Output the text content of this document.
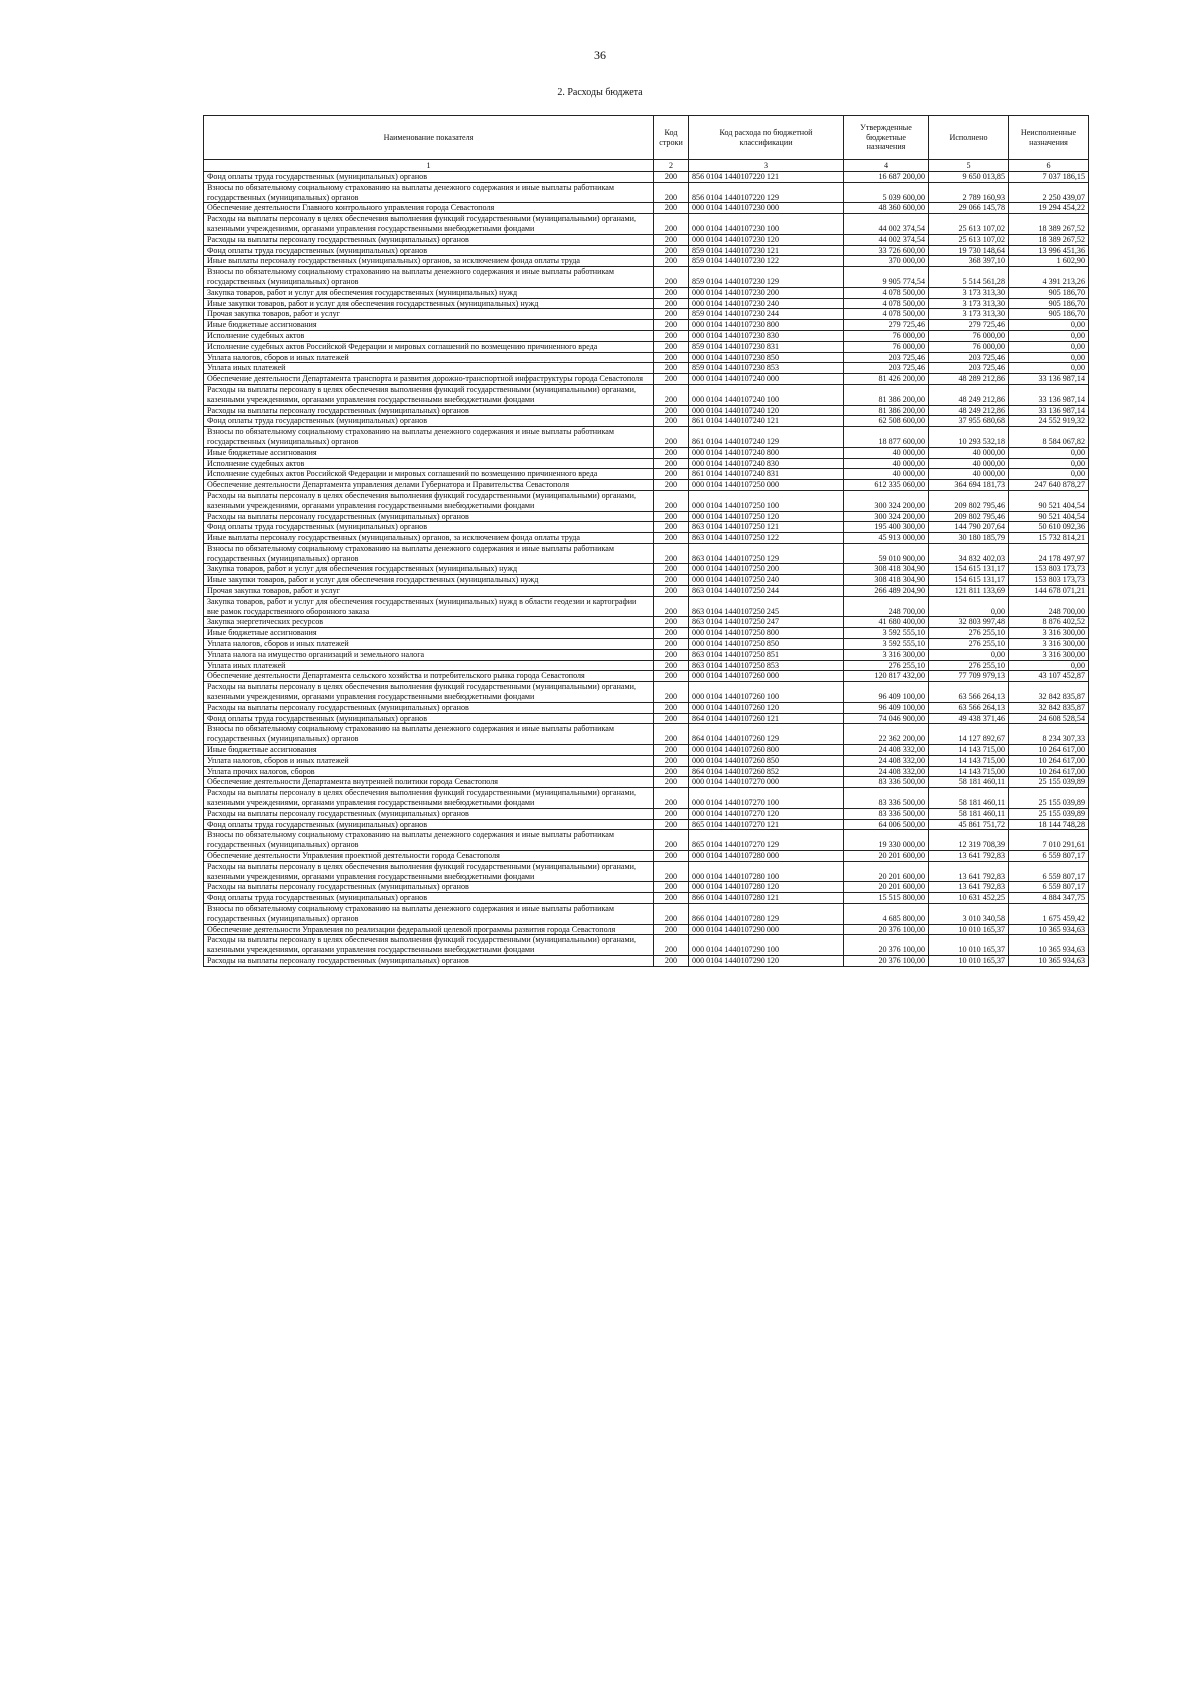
36
2. Расходы бюджета
Наименование показателя	Код строки	Код расхода по бюджетной классификации	Утвержденные бюджетные назначения	Исполнено	Неисполненные назначения
1	2	3	4	5	6
Фонд оплаты труда государственных (муниципальных) органов	200	856 0104 1440107220 121	16 687 200,00	9 650 013,85	7 037 186,15
Взносы по обязательному социальному страхованию на выплаты денежного содержания и иные выплаты работникам государственных (муниципальных) органов	200	856 0104 1440107220 129	5 039 600,00	2 789 160,93	2 250 439,07
Обеспечение деятельности Главного контрольного управления города Севастополя	200	000 0104 1440107230 000	48 360 600,00	29 066 145,78	19 294 454,22
Расходы на выплаты персоналу в целях обеспечения выполнения функций государственными (муниципальными) органами, казенными учреждениями, органами управления государственными внебюджетными фондами	200	000 0104 1440107230 100	44 002 374,54	25 613 107,02	18 389 267,52
Расходы на выплаты персоналу государственных (муниципальных) органов	200	000 0104 1440107230 120	44 002 374,54	25 613 107,02	18 389 267,52
Фонд оплаты труда государственных (муниципальных) органов	200	859 0104 1440107230 121	33 726 600,00	19 730 148,64	13 996 451,36
Иные выплаты персоналу государственных (муниципальных) органов, за исключением фонда оплаты труда	200	859 0104 1440107230 122	370 000,00	368 397,10	1 602,90
Взносы по обязательному социальному страхованию на выплаты денежного содержания и иные выплаты работникам государственных (муниципальных) органов	200	859 0104 1440107230 129	9 905 774,54	5 514 561,28	4 391 213,26
Закупка товаров, работ и услуг для обеспечения государственных (муниципальных) нужд	200	000 0104 1440107230 200	4 078 500,00	3 173 313,30	905 186,70
Иные закупки товаров, работ и услуг для обеспечения государственных (муниципальных) нужд	200	000 0104 1440107230 240	4 078 500,00	3 173 313,30	905 186,70
Прочая закупка товаров, работ и услуг	200	859 0104 1440107230 244	4 078 500,00	3 173 313,30	905 186,70
Иные бюджетные ассигнования	200	000 0104 1440107230 800	279 725,46	279 725,46	0,00
Исполнение судебных актов	200	000 0104 1440107230 830	76 000,00	76 000,00	0,00
Исполнение судебных актов Российской Федерации и мировых соглашений по возмещению причиненного вреда	200	859 0104 1440107230 831	76 000,00	76 000,00	0,00
Уплата налогов, сборов и иных платежей	200	000 0104 1440107230 850	203 725,46	203 725,46	0,00
Уплата иных платежей	200	859 0104 1440107230 853	203 725,46	203 725,46	0,00
Обеспечение деятельности Департамента транспорта и развития дорожно-транспортной инфраструктуры города Севастополя	200	000 0104 1440107240 000	81 426 200,00	48 289 212,86	33 136 987,14
Расходы на выплаты персоналу в целях обеспечения выполнения функций государственными (муниципальными) органами, казенными учреждениями, органами управления государственными внебюджетными фондами	200	000 0104 1440107240 100	81 386 200,00	48 249 212,86	33 136 987,14
Расходы на выплаты персоналу государственных (муниципальных) органов	200	000 0104 1440107240 120	81 386 200,00	48 249 212,86	33 136 987,14
Фонд оплаты труда государственных (муниципальных) органов	200	861 0104 1440107240 121	62 508 600,00	37 955 680,68	24 552 919,32
Взносы по обязательному социальному страхованию на выплаты денежного содержания и иные выплаты работникам государственных (муниципальных) органов	200	861 0104 1440107240 129	18 877 600,00	10 293 532,18	8 584 067,82
Иные бюджетные ассигнования	200	000 0104 1440107240 800	40 000,00	40 000,00	0,00
Исполнение судебных актов	200	000 0104 1440107240 830	40 000,00	40 000,00	0,00
Исполнение судебных актов Российской Федерации и мировых соглашений по возмещению причиненного вреда	200	861 0104 1440107240 831	40 000,00	40 000,00	0,00
Обеспечение деятельности Департамента управления делами Губернатора и Правительства Севастополя	200	000 0104 1440107250 000	612 335 060,00	364 694 181,73	247 640 878,27
Расходы на выплаты персоналу в целях обеспечения выполнения функций государственными (муниципальными) органами, казенными учреждениями, органами управления государственными внебюджетными фондами	200	000 0104 1440107250 100	300 324 200,00	209 802 795,46	90 521 404,54
Расходы на выплаты персоналу государственных (муниципальных) органов	200	000 0104 1440107250 120	300 324 200,00	209 802 795,46	90 521 404,54
Фонд оплаты труда государственных (муниципальных) органов	200	863 0104 1440107250 121	195 400 300,00	144 790 207,64	50 610 092,36
Иные выплаты персоналу государственных (муниципальных) органов, за исключением фонда оплаты труда	200	863 0104 1440107250 122	45 913 000,00	30 180 185,79	15 732 814,21
Взносы по обязательному социальному страхованию на выплаты денежного содержания и иные выплаты работникам государственных (муниципальных) органов	200	863 0104 1440107250 129	59 010 900,00	34 832 402,03	24 178 497,97
Закупка товаров, работ и услуг для обеспечения государственных (муниципальных) нужд	200	000 0104 1440107250 200	308 418 304,90	154 615 131,17	153 803 173,73
Иные закупки товаров, работ и услуг для обеспечения государственных (муниципальных) нужд	200	000 0104 1440107250 240	308 418 304,90	154 615 131,17	153 803 173,73
Прочая закупка товаров, работ и услуг	200	863 0104 1440107250 244	266 489 204,90	121 811 133,69	144 678 071,21
Закупка товаров, работ и услуг для обеспечения государственных (муниципальных) нужд в области геодезии и картографии вне рамок государственного оборонного заказа	200	863 0104 1440107250 245	248 700,00	0,00	248 700,00
Закупка энергетических ресурсов	200	863 0104 1440107250 247	41 680 400,00	32 803 997,48	8 876 402,52
Иные бюджетные ассигнования	200	000 0104 1440107250 800	3 592 555,10	276 255,10	3 316 300,00
Уплата налогов, сборов и иных платежей	200	000 0104 1440107250 850	3 592 555,10	276 255,10	3 316 300,00
Уплата налога на имущество организаций и земельного налога	200	863 0104 1440107250 851	3 316 300,00	0,00	3 316 300,00
Уплата иных платежей	200	863 0104 1440107250 853	276 255,10	276 255,10	0,00
Обеспечение деятельности Департамента сельского хозяйства и потребительского рынка города Севастополя	200	000 0104 1440107260 000	120 817 432,00	77 709 979,13	43 107 452,87
Расходы на выплаты персоналу в целях обеспечения выполнения функций государственными (муниципальными) органами, казенными учреждениями, органами управления государственными внебюджетными фондами	200	000 0104 1440107260 100	96 409 100,00	63 566 264,13	32 842 835,87
Расходы на выплаты персоналу государственных (муниципальных) органов	200	000 0104 1440107260 120	96 409 100,00	63 566 264,13	32 842 835,87
Фонд оплаты труда государственных (муниципальных) органов	200	864 0104 1440107260 121	74 046 900,00	49 438 371,46	24 608 528,54
Взносы по обязательному социальному страхованию на выплаты денежного содержания и иные выплаты работникам государственных (муниципальных) органов	200	864 0104 1440107260 129	22 362 200,00	14 127 892,67	8 234 307,33
Иные бюджетные ассигнования	200	000 0104 1440107260 800	24 408 332,00	14 143 715,00	10 264 617,00
Уплата налогов, сборов и иных платежей	200	000 0104 1440107260 850	24 408 332,00	14 143 715,00	10 264 617,00
Уплата прочих налогов, сборов	200	864 0104 1440107260 852	24 408 332,00	14 143 715,00	10 264 617,00
Обеспечение деятельности Департамента внутренней политики города Севастополя	200	000 0104 1440107270 000	83 336 500,00	58 181 460,11	25 155 039,89
Расходы на выплаты персоналу в целях обеспечения выполнения функций государственными (муниципальными) органами, казенными учреждениями, органами управления государственными внебюджетными фондами	200	000 0104 1440107270 100	83 336 500,00	58 181 460,11	25 155 039,89
Расходы на выплаты персоналу государственных (муниципальных) органов	200	000 0104 1440107270 120	83 336 500,00	58 181 460,11	25 155 039,89
Фонд оплаты труда государственных (муниципальных) органов	200	865 0104 1440107270 121	64 006 500,00	45 861 751,72	18 144 748,28
Взносы по обязательному социальному страхованию на выплаты денежного содержания и иные выплаты работникам государственных (муниципальных) органов	200	865 0104 1440107270 129	19 330 000,00	12 319 708,39	7 010 291,61
Обеспечение деятельности Управления проектной деятельности города Севастополя	200	000 0104 1440107280 000	20 201 600,00	13 641 792,83	6 559 807,17
Расходы на выплаты персоналу в целях обеспечения выполнения функций государственными (муниципальными) органами, казенными учреждениями, органами управления государственными внебюджетными фондами	200	000 0104 1440107280 100	20 201 600,00	13 641 792,83	6 559 807,17
Расходы на выплаты персоналу государственных (муниципальных) органов	200	000 0104 1440107280 120	20 201 600,00	13 641 792,83	6 559 807,17
Фонд оплаты труда государственных (муниципальных) органов	200	866 0104 1440107280 121	15 515 800,00	10 631 452,25	4 884 347,75
Взносы по обязательному социальному страхованию на выплаты денежного содержания и иные выплаты работникам государственных (муниципальных) органов	200	866 0104 1440107280 129	4 685 800,00	3 010 340,58	1 675 459,42
Обеспечение деятельности Управления по реализации федеральной целевой программы развития города Севастополя	200	000 0104 1440107290 000	20 376 100,00	10 010 165,37	10 365 934,63
Расходы на выплаты персоналу в целях обеспечения выполнения функций государственными (муниципальными) органами, казенными учреждениями, органами управления государственными внебюджетными фондами	200	000 0104 1440107290 100	20 376 100,00	10 010 165,37	10 365 934,63
Расходы на выплаты персоналу государственных (муниципальных) органов	200	000 0104 1440107290 120	20 376 100,00	10 010 165,37	10 365 934,63
